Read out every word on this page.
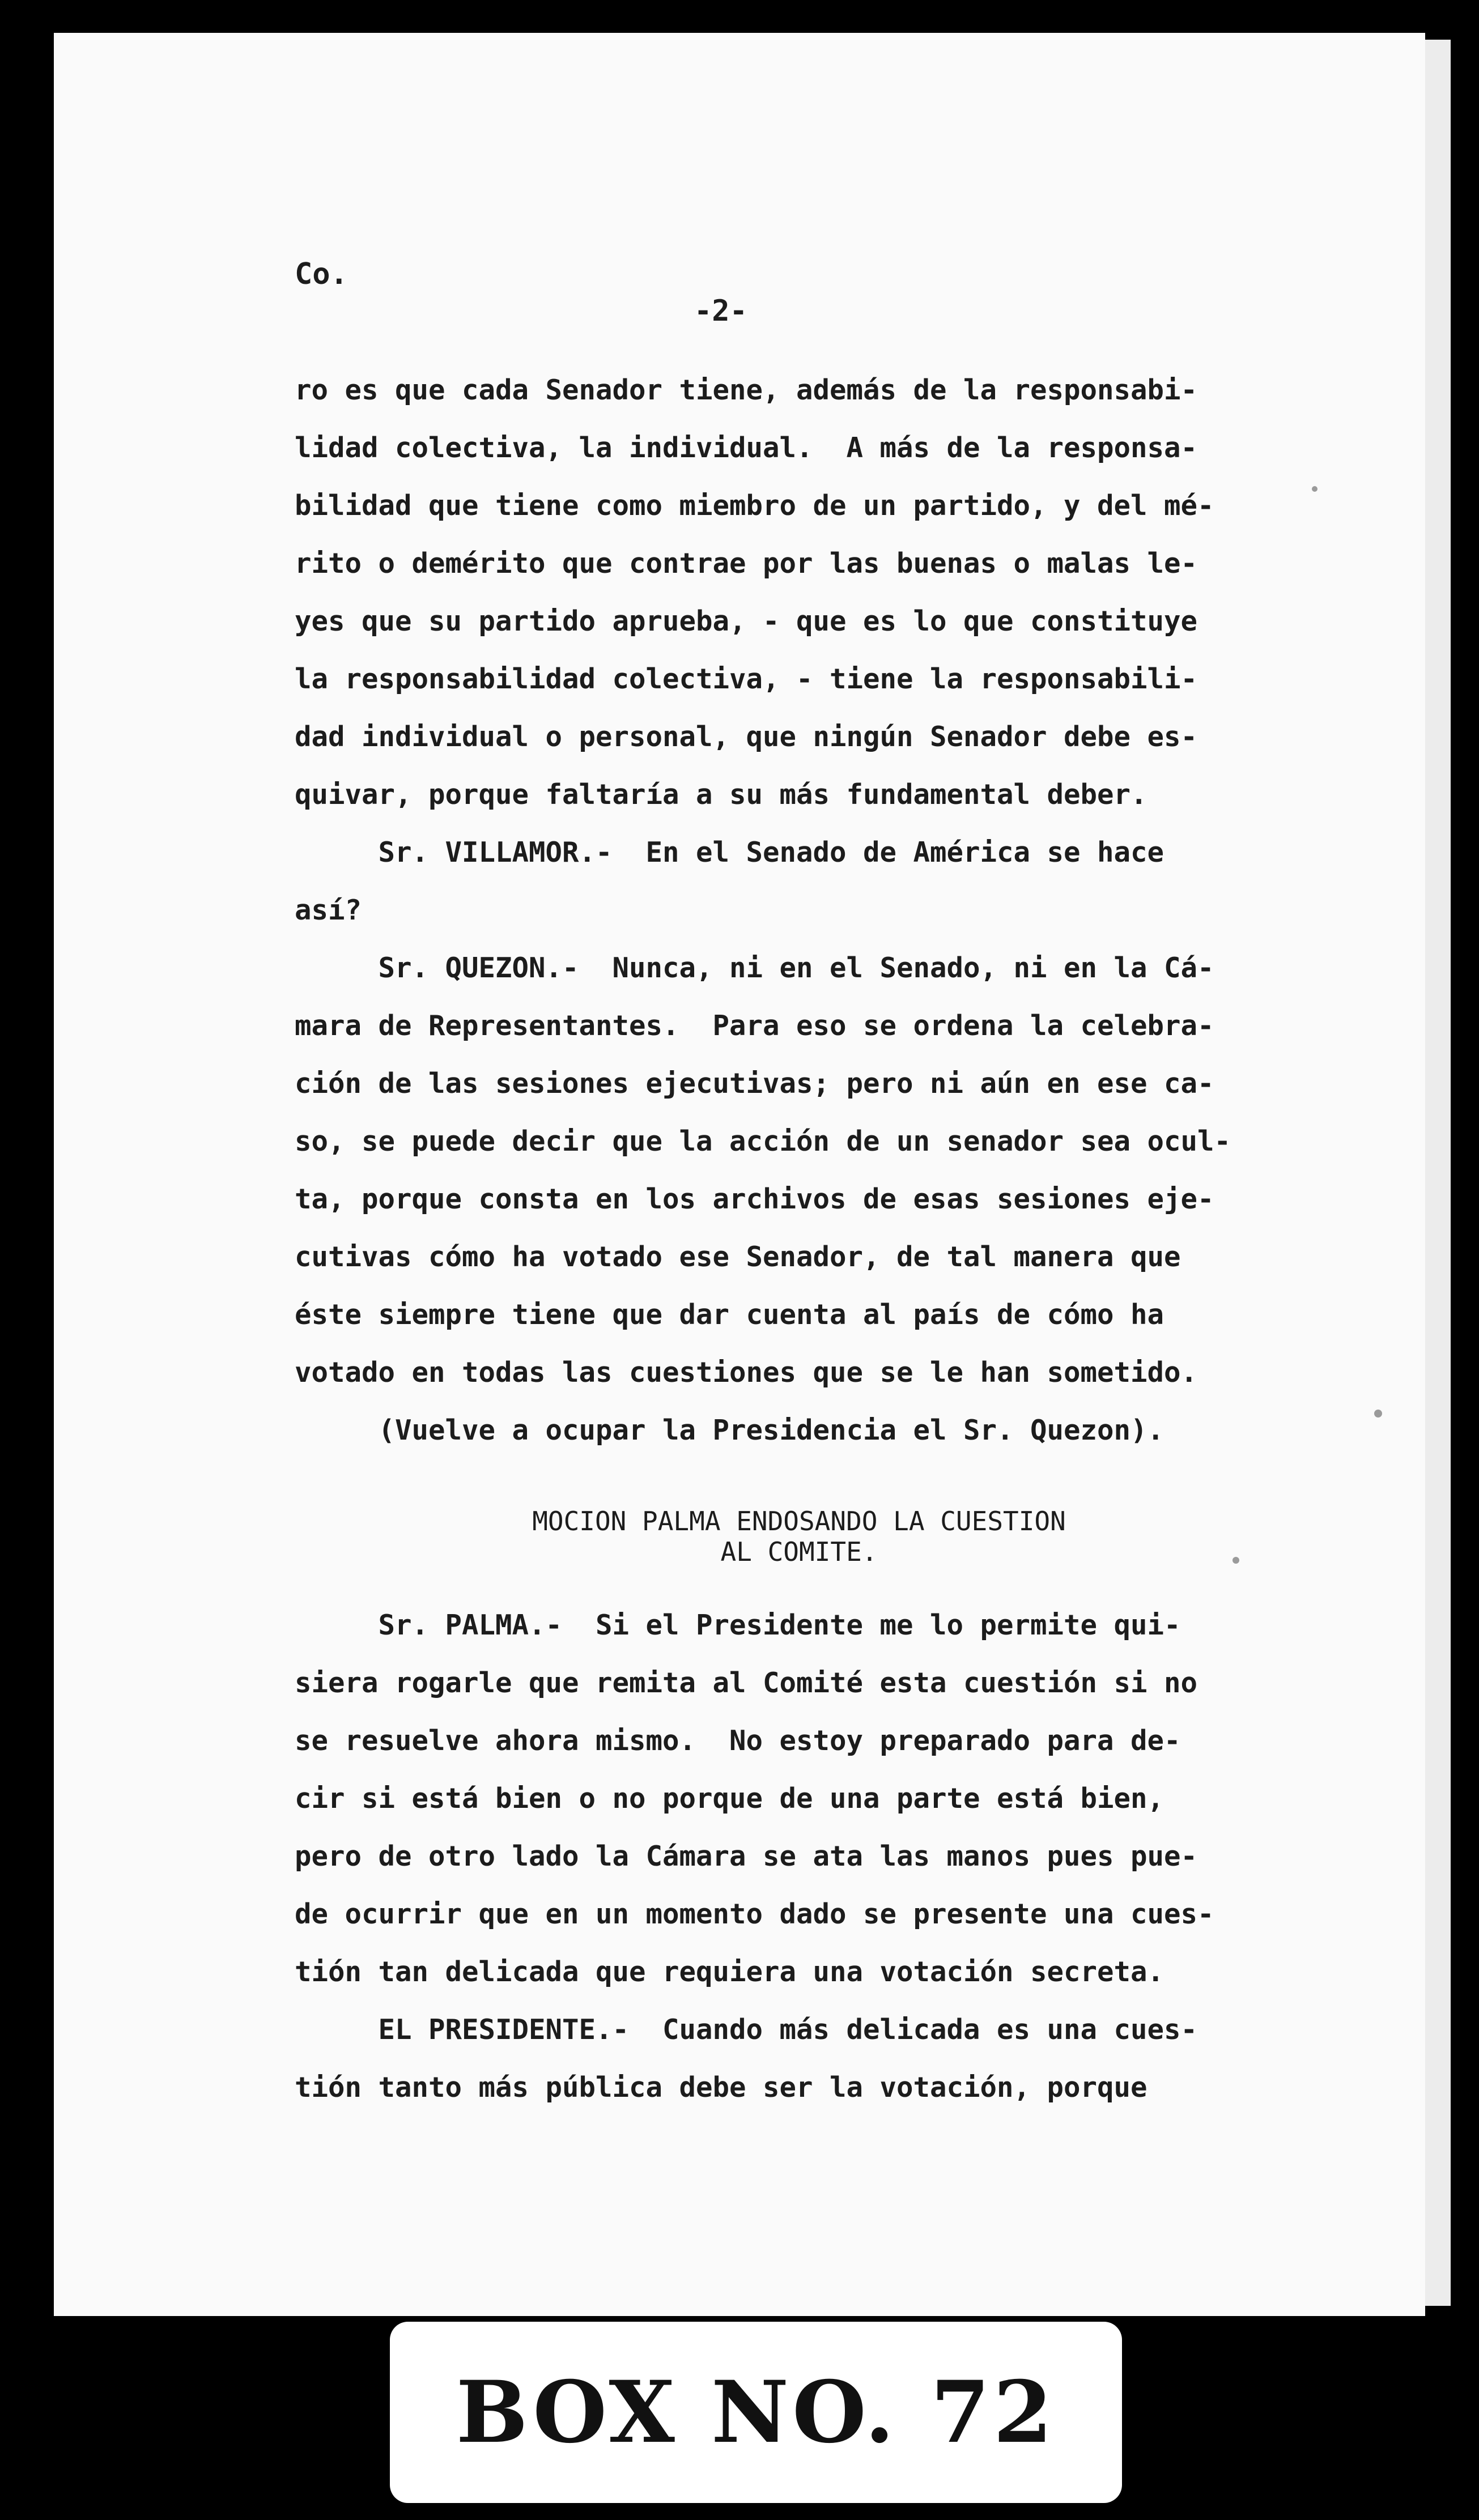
Co.
-2-
ro es que cada Senador tiene, además de la responsabi-
lidad colectiva, la individual.  A más de la responsa-
bilidad que tiene como miembro de un partido, y del mé-
rito o demérito que contrae por las buenas o malas le-
yes que su partido aprueba, - que es lo que constituye
la responsabilidad colectiva, - tiene la responsabili-
dad individual o personal, que ningún Senador debe es-
quivar, porque faltaría a su más fundamental deber.
Sr. VILLAMOR.-  En el Senado de América se hace
así?
Sr. QUEZON.-  Nunca, ni en el Senado, ni en la Cá-
mara de Representantes.  Para eso se ordena la celebra-
ción de las sesiones ejecutivas; pero ni aún en ese ca-
so, se puede decir que la acción de un senador sea ocul-
ta, porque consta en los archivos de esas sesiones eje-
cutivas cómo ha votado ese Senador, de tal manera que
éste siempre tiene que dar cuenta al país de cómo ha
votado en todas las cuestiones que se le han sometido.
(Vuelve a ocupar la Presidencia el Sr. Quezon).
MOCION PALMA ENDOSANDO LA CUESTION
AL COMITE.
Sr. PALMA.-  Si el Presidente me lo permite qui-
siera rogarle que remita al Comité esta cuestión si no
se resuelve ahora mismo.  No estoy preparado para de-
cir si está bien o no porque de una parte está bien,
pero de otro lado la Cámara se ata las manos pues pue-
de ocurrir que en un momento dado se presente una cues-
tión tan delicada que requiera una votación secreta.
EL PRESIDENTE.-  Cuando más delicada es una cues-
tión tanto más pública debe ser la votación, porque
BOX NO. 72
